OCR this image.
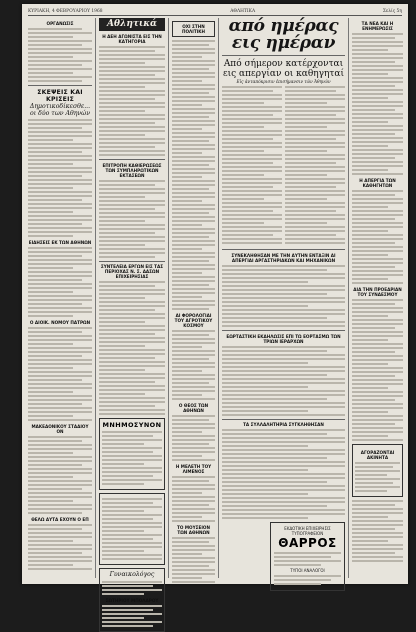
ΚΥΡΙΑΚΗ, 4 ΦΕΒΡΟΥΑΡΙΟΥ 1968	ΑΘΛΗΤΙΚΑ	Σελίς 5η
ΟΡΓΑΝΩΣΙΣ
ΣΚΕΨΕΙΣ ΚΑΙ ΚΡΙΣΕΙΣ
Δημοτικοδίκεσθε... οι δύο των Αθηνών
ΕΙΔΗΣΕΙΣ ΕΚ ΤΩΝ ΑΘΗΝΩΝ
Ο ΔΙΟΙΚ. ΝΟΜΟΥ ΠΑΤΡΩΝ
ΜΑΚΕΔΟΝΙΚΟΥ ΣΤΑΔΙΟΥ ΟΝ
ΘΕΛΩ ΑΥΤΑ ΕΧΟΥΝ Ο ΕΠ
Αθλητικά
Η ΔΕΗ ΑΓΩΝΙΣΤΑ ΕΙΣ ΤΗΝ ΚΑΤΗΓΟΡΙΑ
ΕΠΙΤΡΟΠΗ ΚΑΘΙΕΡΩΣΕΩΣ ΤΩΝ ΣΥΜΠΛΗΡΩΤΙΚΩΝ ΕΚΤΑΣΕΩΝ
ΣΥΝΤΕΛΕΙΑ ΕΡΓΩΝ ΕΙΣ ΤΑΣ ΠΕΡΙΟΧΑΣ Ν. Σ. ΔΑΣΩΝ ΕΠΙΧΕΙΡΗΣΙΑΣ
ΜΝΗΜΟΣΥΝΟΝ
Γυναικολόγος
ΣΩΤΗΡΙΟΥ ΜΠΟΛΑΡΟΥ
ΟΧΙ ΣΤΗΝ ΠΟΛΙΤΙΚΗ
ΑΙ ΦΟΡΟΛΟΓΙΑΙ ΤΟΥ ΑΓΡΟΤΙΚΟΥ ΚΟΣΜΟΥ
Ο ΘΕΟΣ ΤΩΝ ΑΘΗΝΩΝ
Η ΜΕΛΕΤΗ ΤΟΥ ΛΙΜΕΝΟΣ
ΤΟ ΜΟΥΣΕΙΟΝ ΤΩΝ ΑΘΗΝΩΝ
από ημέρας εις ημέραν
Από σήμερον κατέρχονται εις απεργίαν οι καθηγηταί
Εἰς ἀνταπόκρισιν ἐπισήμανσιν τῶν Ἀθηνῶν
ΣΥΝΕΚΛΗΘΗΣΑΝ ΜΕ ΤΗΝ ΑΥΤΗΝ ΕΝΤΑΞΙΝ ΑΙ ΑΠΕΡΓΙΑΙ ΑΡΓΑΣΤΗΡΙΑΚΩΝ ΚΑΙ ΜΗΧΑΝΙΚΩΝ
ΕΩΡΤΑΣΤΙΚΗ ΕΚΔΗΛΩΣΙΣ ΕΠΙ ΤΩ ΕΟΡΤΑΣΜΩ ΤΩΝ ΤΡΙΩΝ ΙΕΡΑΡΧΩΝ
ΤΑ ΣΥΛΛΑΛΗΤΗΡΙΑ ΣΥΓΚΛΗΘΗΣΑΝ
ΕΚΔΟΤΙΚΗ ΕΠΙΧΕΙΡΗΣΙΣ
ΤΥΠΟΓΡΑΦΕΙΟΝ
ΘΑΡΡΟΣ
ΤΥΠΟΙ ΑΝΑΛΟΓΟΙ
ΤΑ ΝΕΑ ΚΑΙ Η ΕΝΗΜΕΡΩΣΙΣ
Η ΑΠΕΡΓΙΑ ΤΩΝ ΚΑΘΗΓΗΤΩΝ
ΔΙΑ ΤΗΝ ΠΡΟΕΔΡΙΑΝ ΤΟΥ ΣΥΝΔΕΣΜΟΥ
ΑΓΟΡΑΖΟΝΤΑΙ ΑΚΙΝΗΤΑ
